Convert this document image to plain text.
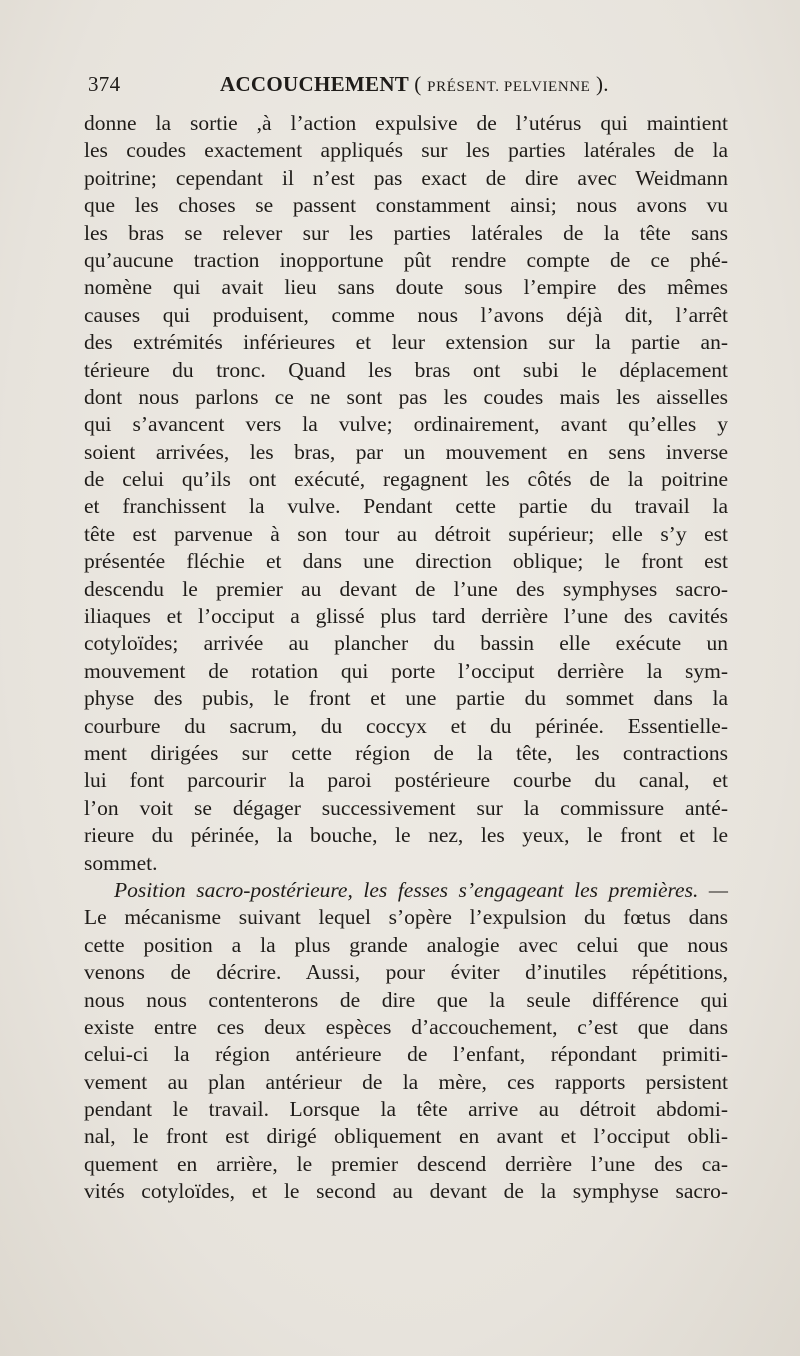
374	ACCOUCHEMENT ( PRÉSENT. PELVIENNE ).
donne la sortie ,à l’action expulsive de l’utérus qui maintient
les coudes exactement appliqués sur les parties latérales de la
poitrine; cependant il n’est pas exact de dire avec Weidmann
que les choses se passent constamment ainsi; nous avons vu
les bras se relever sur les parties latérales de la tête sans
qu’aucune traction inopportune pût rendre compte de ce phé-
nomène qui avait lieu sans doute sous l’empire des mêmes
causes qui produisent, comme nous l’avons déjà dit, l’arrêt
des extrémités inférieures et leur extension sur la partie an-
térieure du tronc. Quand les bras ont subi le déplacement
dont nous parlons ce ne sont pas les coudes mais les aisselles
qui s’avancent vers la vulve; ordinairement, avant qu’elles y
soient arrivées, les bras, par un mouvement en sens inverse
de celui qu’ils ont exécuté, regagnent les côtés de la poitrine
et franchissent la vulve. Pendant cette partie du travail la
tête est parvenue à son tour au détroit supérieur; elle s’y est
présentée fléchie et dans une direction oblique; le front est
descendu le premier au devant de l’une des symphyses sacro-
iliaques et l’occiput a glissé plus tard derrière l’une des cavités
cotyloïdes; arrivée au plancher du bassin elle exécute un
mouvement de rotation qui porte l’occiput derrière la sym-
physe des pubis, le front et une partie du sommet dans la
courbure du sacrum, du coccyx et du périnée. Essentielle-
ment dirigées sur cette région de la tête, les contractions
lui font parcourir la paroi postérieure courbe du canal, et
l’on voit se dégager successivement sur la commissure anté-
rieure du périnée, la bouche, le nez, les yeux, le front et le
sommet.
Position sacro-postérieure, les fesses s’engageant les premières. —
Le mécanisme suivant lequel s’opère l’expulsion du fœtus dans
cette position a la plus grande analogie avec celui que nous
venons de décrire. Aussi, pour éviter d’inutiles répétitions,
nous nous contenterons de dire que la seule différence qui
existe entre ces deux espèces d’accouchement, c’est que dans
celui-ci la région antérieure de l’enfant, répondant primiti-
vement au plan antérieur de la mère, ces rapports persistent
pendant le travail. Lorsque la tête arrive au détroit abdomi-
nal, le front est dirigé obliquement en avant et l’occiput obli-
quement en arrière, le premier descend derrière l’une des ca-
vités cotyloïdes, et le second au devant de la symphyse sacro-
